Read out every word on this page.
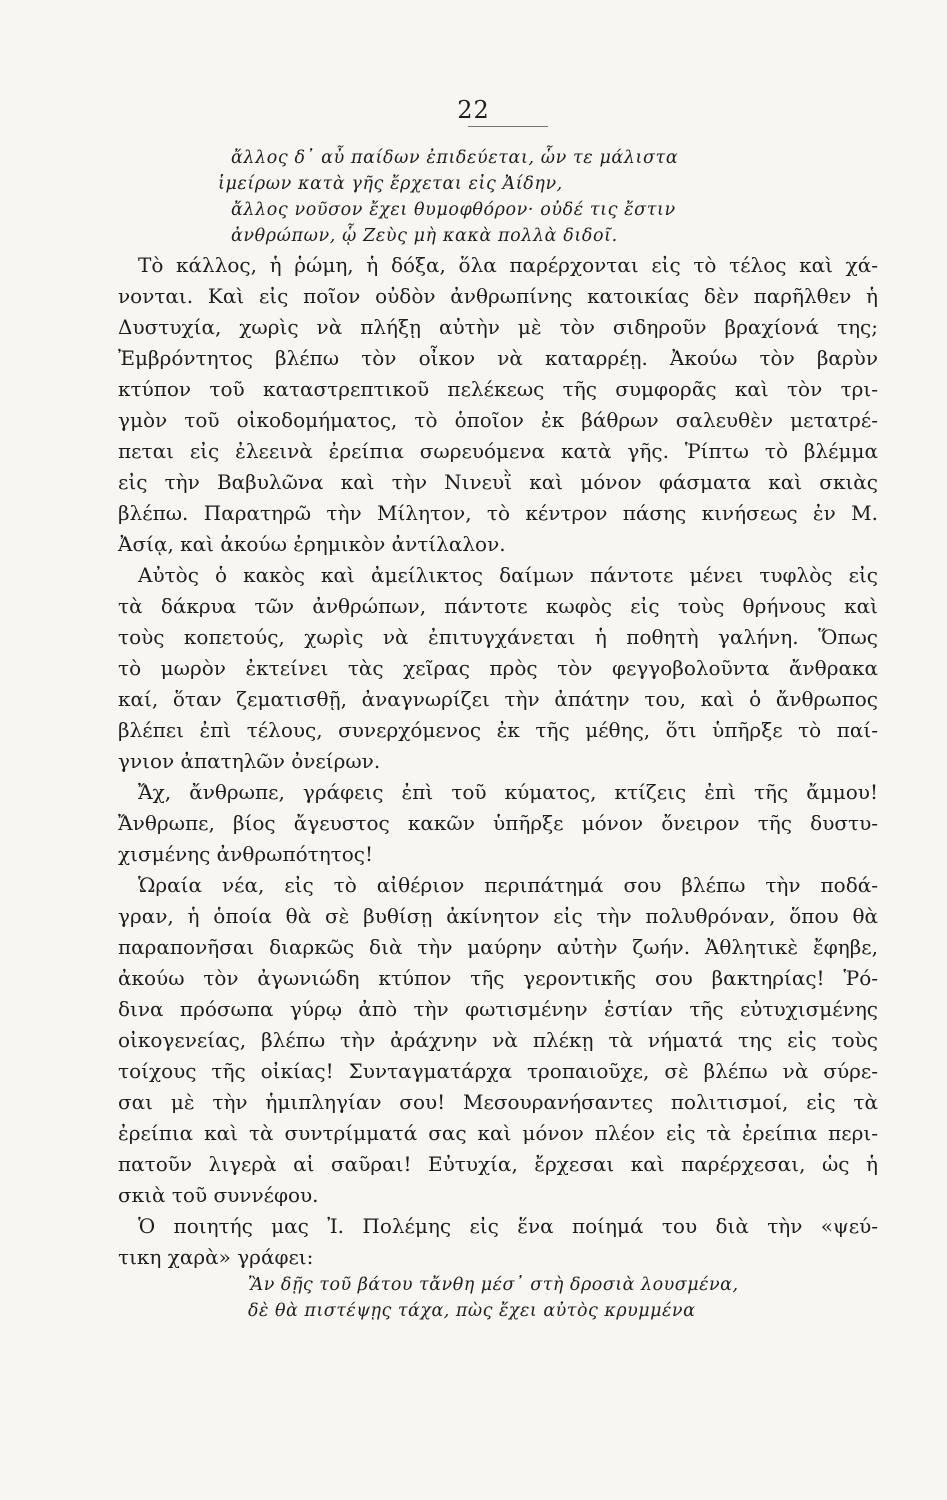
22
ἄλλος δ᾽ αὖ παίδων ἐπιδεύεται, ὧν τε μάλιστα
ἱμείρων κατὰ γῆς ἔρχεται εἰς Ἀίδην,
ἄλλος νοῦσον ἔχει θυμοφθόρον· οὐδέ τις ἔστιν
ἀνθρώπων, ᾧ Ζεὺς μὴ κακὰ πολλὰ διδοῖ.
Τὸ κάλλος, ἡ ῥώμη, ἡ δόξα, ὅλα παρέρχονται εἰς τὸ τέλος καὶ χά-
νονται. Καὶ εἰς ποῖον οὐδὸν ἀνθρωπίνης κατοικίας δὲν παρῆλθεν ἡ
Δυστυχία, χωρὶς νὰ πλήξῃ αὐτὴν μὲ τὸν σιδηροῦν βραχίονά της;
Ἐμβρόντητος βλέπω τὸν οἶκον νὰ καταρρέῃ. Ἀκούω τὸν βαρὺν
κτύπον τοῦ καταστρεπτικοῦ πελέκεως τῆς συμφορᾶς καὶ τὸν τρι-
γμὸν τοῦ οἰκοδομήματος, τὸ ὁποῖον ἐκ βάθρων σαλευθὲν μετατρέ-
πεται εἰς ἐλεεινὰ ἐρείπια σωρευόμενα κατὰ γῆς. Ῥίπτω τὸ βλέμμα
εἰς τὴν Βαβυλῶνα καὶ τὴν Νινευῒ καὶ μόνον φάσματα καὶ σκιὰς
βλέπω. Παρατηρῶ τὴν Μίλητον, τὸ κέντρον πάσης κινήσεως ἐν Μ.
Ἀσίᾳ, καὶ ἀκούω ἐρημικὸν ἀντίλαλον.
Αὐτὸς ὁ κακὸς καὶ ἀμείλικτος δαίμων πάντοτε μένει τυφλὸς εἰς
τὰ δάκρυα τῶν ἀνθρώπων, πάντοτε κωφὸς εἰς τοὺς θρήνους καὶ
τοὺς κοπετούς, χωρὶς νὰ ἐπιτυγχάνεται ἡ ποθητὴ γαλήνη. Ὅπως
τὸ μωρὸν ἐκτείνει τὰς χεῖρας πρὸς τὸν φεγγοβολοῦντα ἄνθρακα
καί, ὅταν ζεματισθῇ, ἀναγνωρίζει τὴν ἀπάτην του, καὶ ὁ ἄνθρωπος
βλέπει ἐπὶ τέλους, συνερχόμενος ἐκ τῆς μέθης, ὅτι ὑπῆρξε τὸ παί-
γνιον ἀπατηλῶν ὀνείρων.
Ἄχ, ἄνθρωπε, γράφεις ἐπὶ τοῦ κύματος, κτίζεις ἐπὶ τῆς ἄμμου!
Ἄνθρωπε, βίος ἄγευστος κακῶν ὑπῆρξε μόνον ὄνειρον τῆς δυστυ-
χισμένης ἀνθρωπότητος!
Ὡραία νέα, εἰς τὸ αἰθέριον περιπάτημά σου βλέπω τὴν ποδά-
γραν, ἡ ὁποία θὰ σὲ βυθίσῃ ἀκίνητον εἰς τὴν πολυθρόναν, ὅπου θὰ
παραπονῆσαι διαρκῶς διὰ τὴν μαύρην αὐτὴν ζωήν. Ἀθλητικὲ ἔφηβε,
ἀκούω τὸν ἀγωνιώδη κτύπον τῆς γεροντικῆς σου βακτηρίας! Ῥό-
δινα πρόσωπα γύρῳ ἀπὸ τὴν φωτισμένην ἑστίαν τῆς εὐτυχισμένης
οἰκογενείας, βλέπω τὴν ἀράχνην νὰ πλέκῃ τὰ νήματά της εἰς τοὺς
τοίχους τῆς οἰκίας! Συνταγματάρχα τροπαιοῦχε, σὲ βλέπω νὰ σύρε-
σαι μὲ τὴν ἡμιπληγίαν σου! Μεσουρανήσαντες πολιτισμοί, εἰς τὰ
ἐρείπια καὶ τὰ συντρίμματά σας καὶ μόνον πλέον εἰς τὰ ἐρείπια περι-
πατοῦν λιγερὰ αἱ σαῦραι! Εὐτυχία, ἔρχεσαι καὶ παρέρχεσαι, ὡς ἡ
σκιὰ τοῦ συννέφου.
Ὁ ποιητής μας Ἰ. Πολέμης εἰς ἕνα ποίημά του διὰ τὴν «ψεύ-
τικη χαρὰ» γράφει:
Ἂν δῇς τοῦ βάτου τἄνθη μέσ᾽ στὴ δροσιὰ λουσμένα,
δὲ θὰ πιστέψῃς τάχα, πὼς ἔχει αὐτὸς κρυμμένα
